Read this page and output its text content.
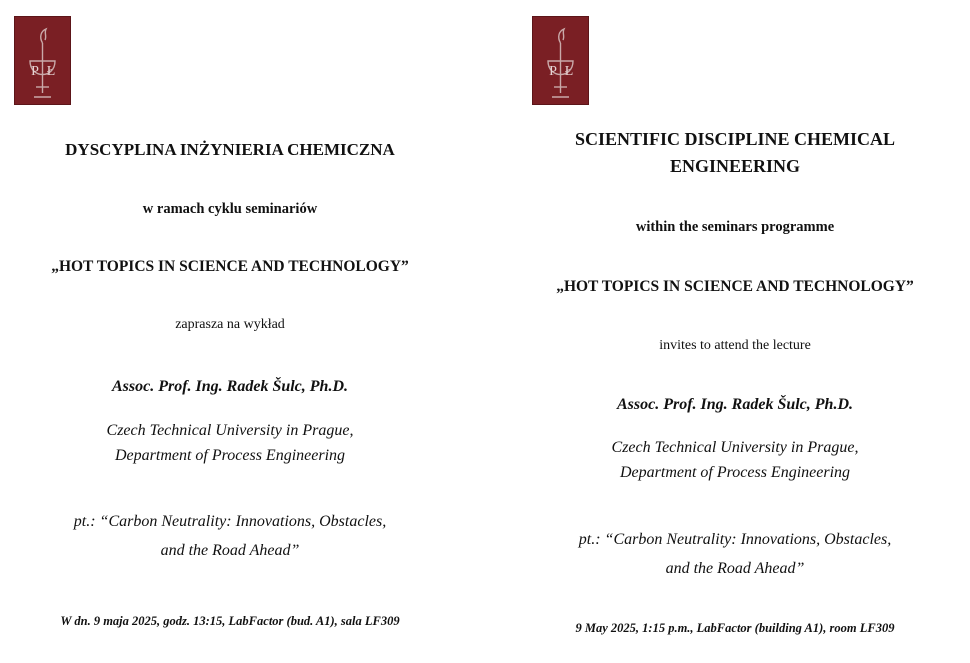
P Ł
DYSCYPLINA INŻYNIERIA CHEMICZNA
w ramach cyklu seminariów
„HOT TOPICS IN SCIENCE AND TECHNOLOGY”
zaprasza na wykład
Assoc. Prof. Ing. Radek Šulc, Ph.D.
Czech Technical University in Prague,
Department of Process Engineering
pt.: “Carbon Neutrality: Innovations, Obstacles,
and the Road Ahead”
W dn. 9 maja 2025, godz. 13:15, LabFactor (bud. A1), sala LF309
P Ł
SCIENTIFIC DISCIPLINE CHEMICAL
ENGINEERING
within the seminars programme
„HOT TOPICS IN SCIENCE AND TECHNOLOGY”
invites to attend the lecture
Assoc. Prof. Ing. Radek Šulc, Ph.D.
Czech Technical University in Prague,
Department of Process Engineering
pt.: “Carbon Neutrality: Innovations, Obstacles,
and the Road Ahead”
9 May 2025, 1:15 p.m., LabFactor (building A1), room LF309
